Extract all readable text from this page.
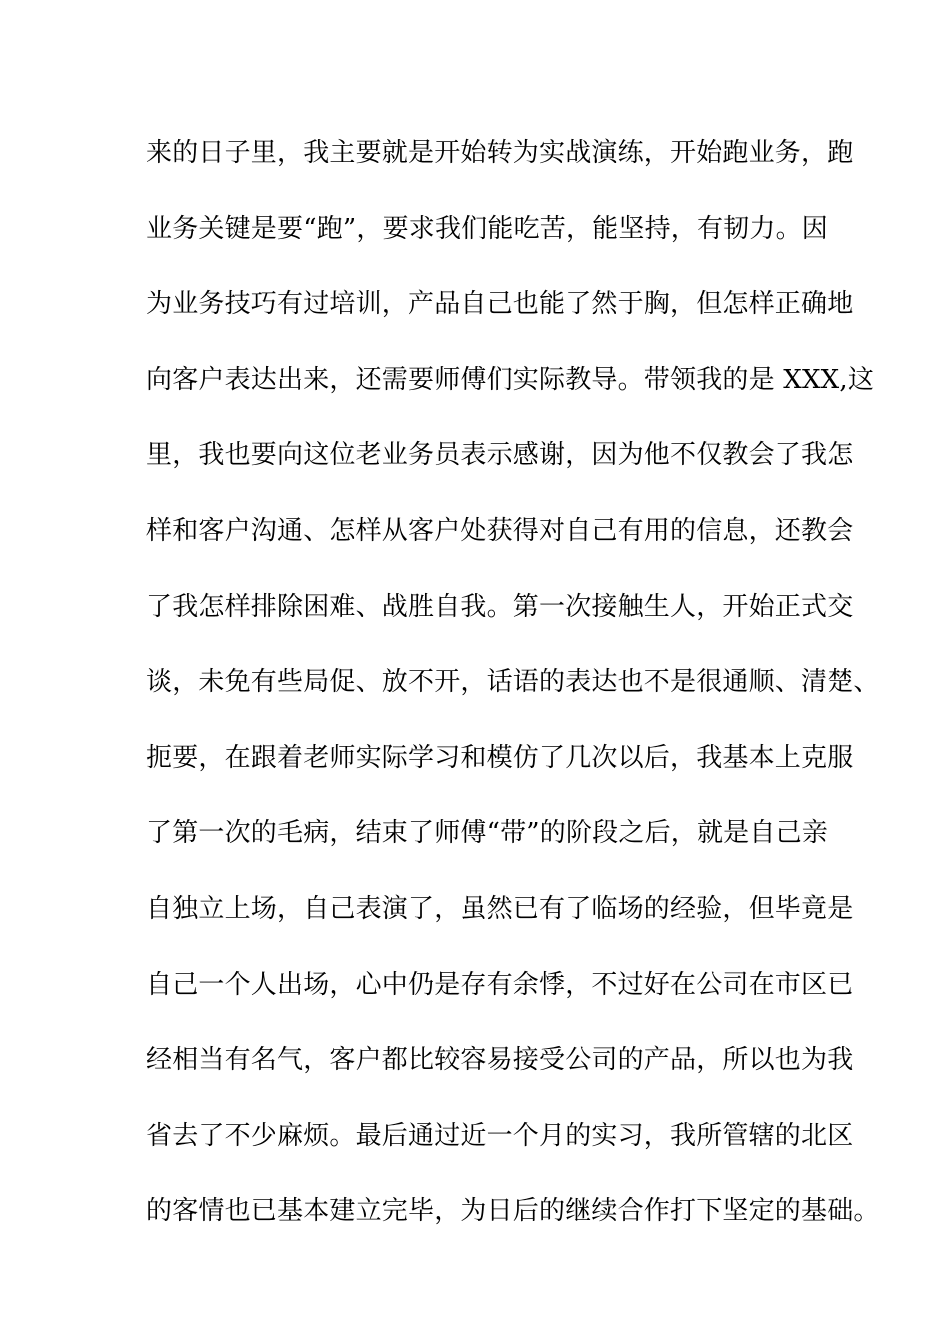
来的日子里，我主要就是开始转为实战演练，开始跑业务，跑
业务关键是要“跑”，要求我们能吃苦，能坚持，有韧力。因
为业务技巧有过培训，产品自己也能了然于胸，但怎样正确地
向客户表达出来，还需要师傅们实际教导。带领我的是 XXX,这
里，我也要向这位老业务员表示感谢，因为他不仅教会了我怎
样和客户沟通、怎样从客户处获得对自己有用的信息，还教会
了我怎样排除困难、战胜自我。第一次接触生人，开始正式交
谈，未免有些局促、放不开，话语的表达也不是很通顺、清楚、
扼要，在跟着老师实际学习和模仿了几次以后，我基本上克服
了第一次的毛病，结束了师傅“带”的阶段之后，就是自己亲
自独立上场，自己表演了，虽然已有了临场的经验，但毕竟是
自己一个人出场，心中仍是存有余悸，不过好在公司在市区已
经相当有名气，客户都比较容易接受公司的产品，所以也为我
省去了不少麻烦。最后通过近一个月的实习，我所管辖的北区
的客情也已基本建立完毕，为日后的继续合作打下坚定的基础。
